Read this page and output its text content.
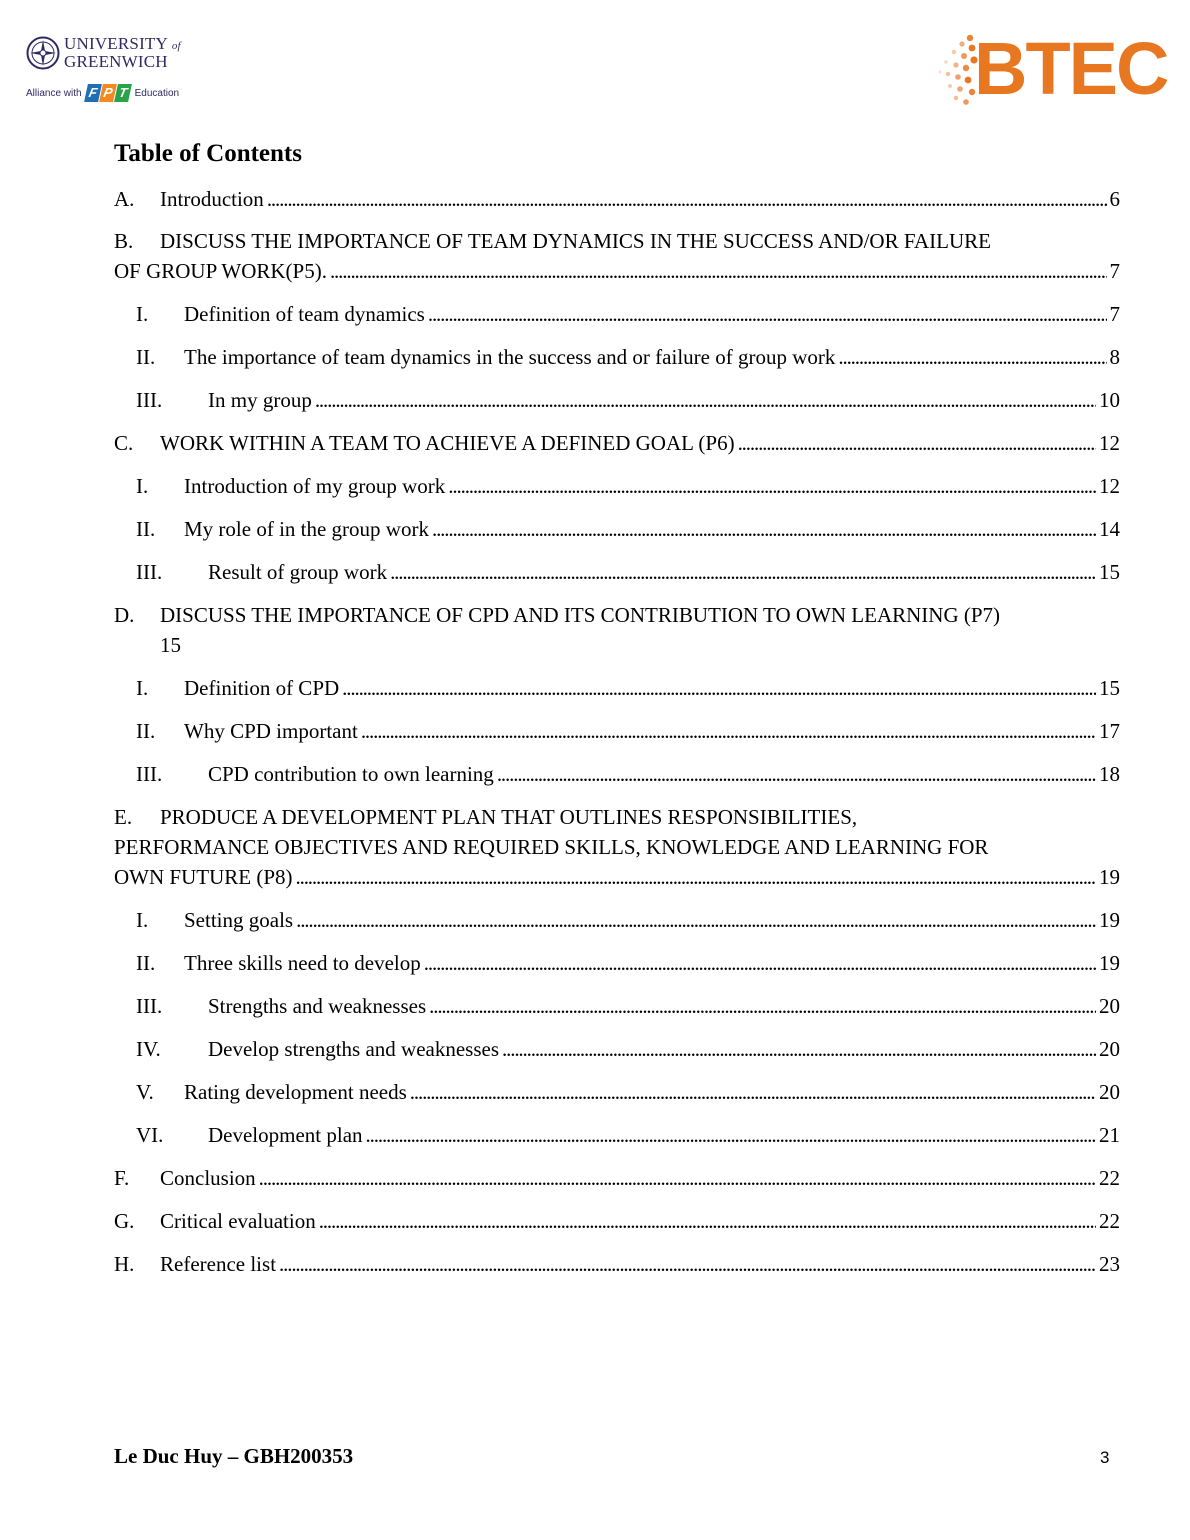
UNIVERSITY of
GREENWICH
Alliance with F P T Education	BTEC
Table of Contents
A.	Introduction . . .	6
B.	DISCUSS THE IMPORTANCE OF TEAM DYNAMICS IN THE SUCCESS AND/OR FAILURE
OF GROUP WORK(P5). . . .	7
I.	Definition of team dynamics . . .	7
II.	The importance of team dynamics in the success and or failure of group work . . .	8
III.	In my group . . .	10
C.	WORK WITHIN A TEAM TO ACHIEVE A DEFINED GOAL (P6) . . .	12
I.	Introduction of my group work . . .	12
II.	My role of in the group work . . .	14
III.	Result of group work . . .	15
D.	DISCUSS THE IMPORTANCE OF CPD AND ITS CONTRIBUTION TO OWN LEARNING (P7)
15
I.	Definition of CPD . . .	15
II.	Why CPD important . . .	17
III.	CPD contribution to own learning . . .	18
E.	PRODUCE A DEVELOPMENT PLAN THAT OUTLINES RESPONSIBILITIES,
PERFORMANCE OBJECTIVES AND REQUIRED SKILLS, KNOWLEDGE AND LEARNING FOR
OWN FUTURE (P8) . . .	19
I.	Setting goals . . .	19
II.	Three skills need to develop . . .	19
III.	Strengths and weaknesses . . .	20
IV.	Develop strengths and weaknesses . . .	20
V.	Rating development needs . . .	20
VI.	Development plan . . .	21
F.	Conclusion . . .	22
G.	Critical evaluation . . .	22
H.	Reference list . . .	23
Le Duc Huy – GBH200353	3
